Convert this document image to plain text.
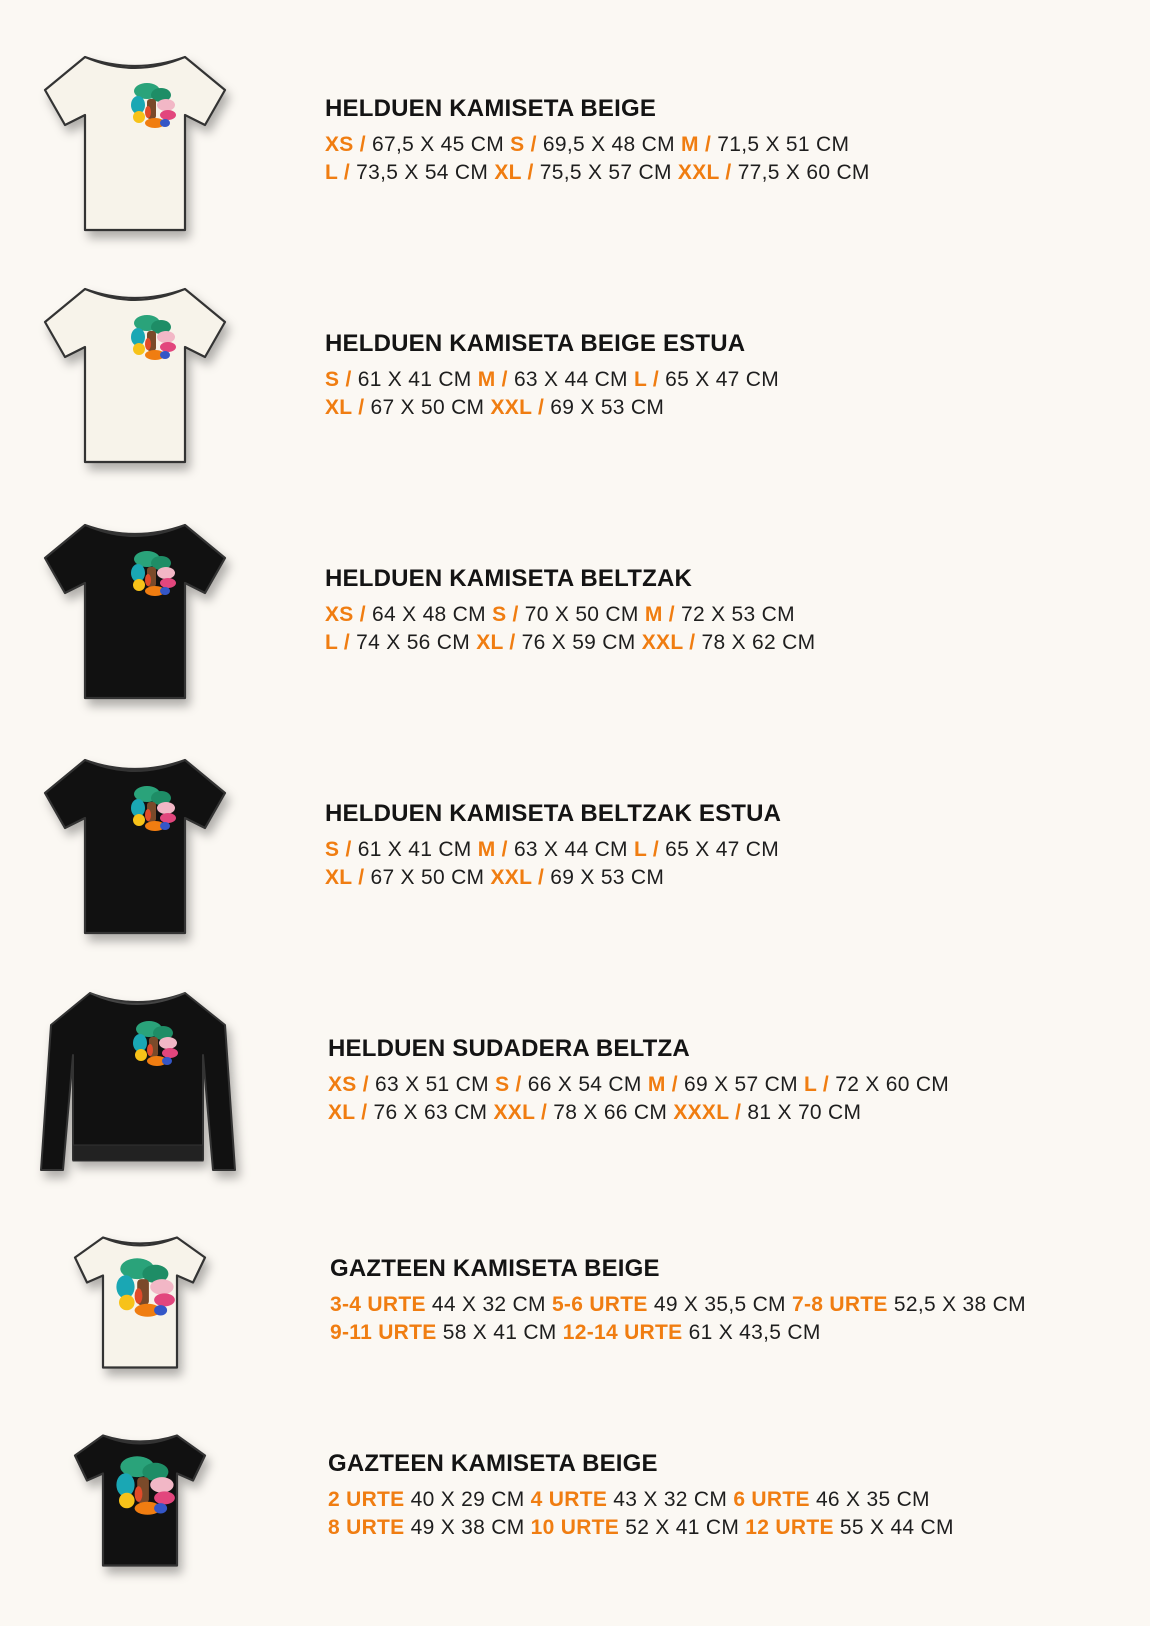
HELDUEN KAMISETA BEIGE
XS / 67,5 X 45 CM S / 69,5 X 48 CM M / 71,5 X 51 CM
L / 73,5 X 54 CM XL / 75,5 X 57 CM XXL / 77,5 X 60 CM
HELDUEN KAMISETA BEIGE ESTUA
S / 61 X 41 CM M / 63 X 44 CM L / 65 X 47 CM
XL / 67 X 50 CM XXL / 69 X 53 CM
HELDUEN KAMISETA BELTZAK
XS / 64 X 48 CM S / 70 X 50 CM M / 72 X 53 CM
L / 74 X 56 CM XL / 76 X 59 CM XXL / 78 X 62 CM
HELDUEN KAMISETA BELTZAK ESTUA
S / 61 X 41 CM M / 63 X 44 CM L / 65 X 47 CM
XL / 67 X 50 CM XXL / 69 X 53 CM
HELDUEN SUDADERA BELTZA
XS / 63 X 51 CM S / 66 X 54 CM M / 69 X 57 CM L / 72 X 60 CM
XL / 76 X 63 CM XXL / 78 X 66 CM XXXL / 81 X 70 CM
GAZTEEN KAMISETA BEIGE
3-4 URTE 44 X 32 CM 5-6 URTE 49 X 35,5 CM 7-8 URTE 52,5 X 38 CM
9-11 URTE 58 X 41 CM 12-14 URTE 61 X 43,5 CM
GAZTEEN KAMISETA BEIGE
2 URTE 40 X 29 CM 4 URTE 43 X 32 CM 6 URTE 46 X 35 CM
8 URTE 49 X 38 CM 10 URTE 52 X 41 CM 12 URTE 55 X 44 CM
